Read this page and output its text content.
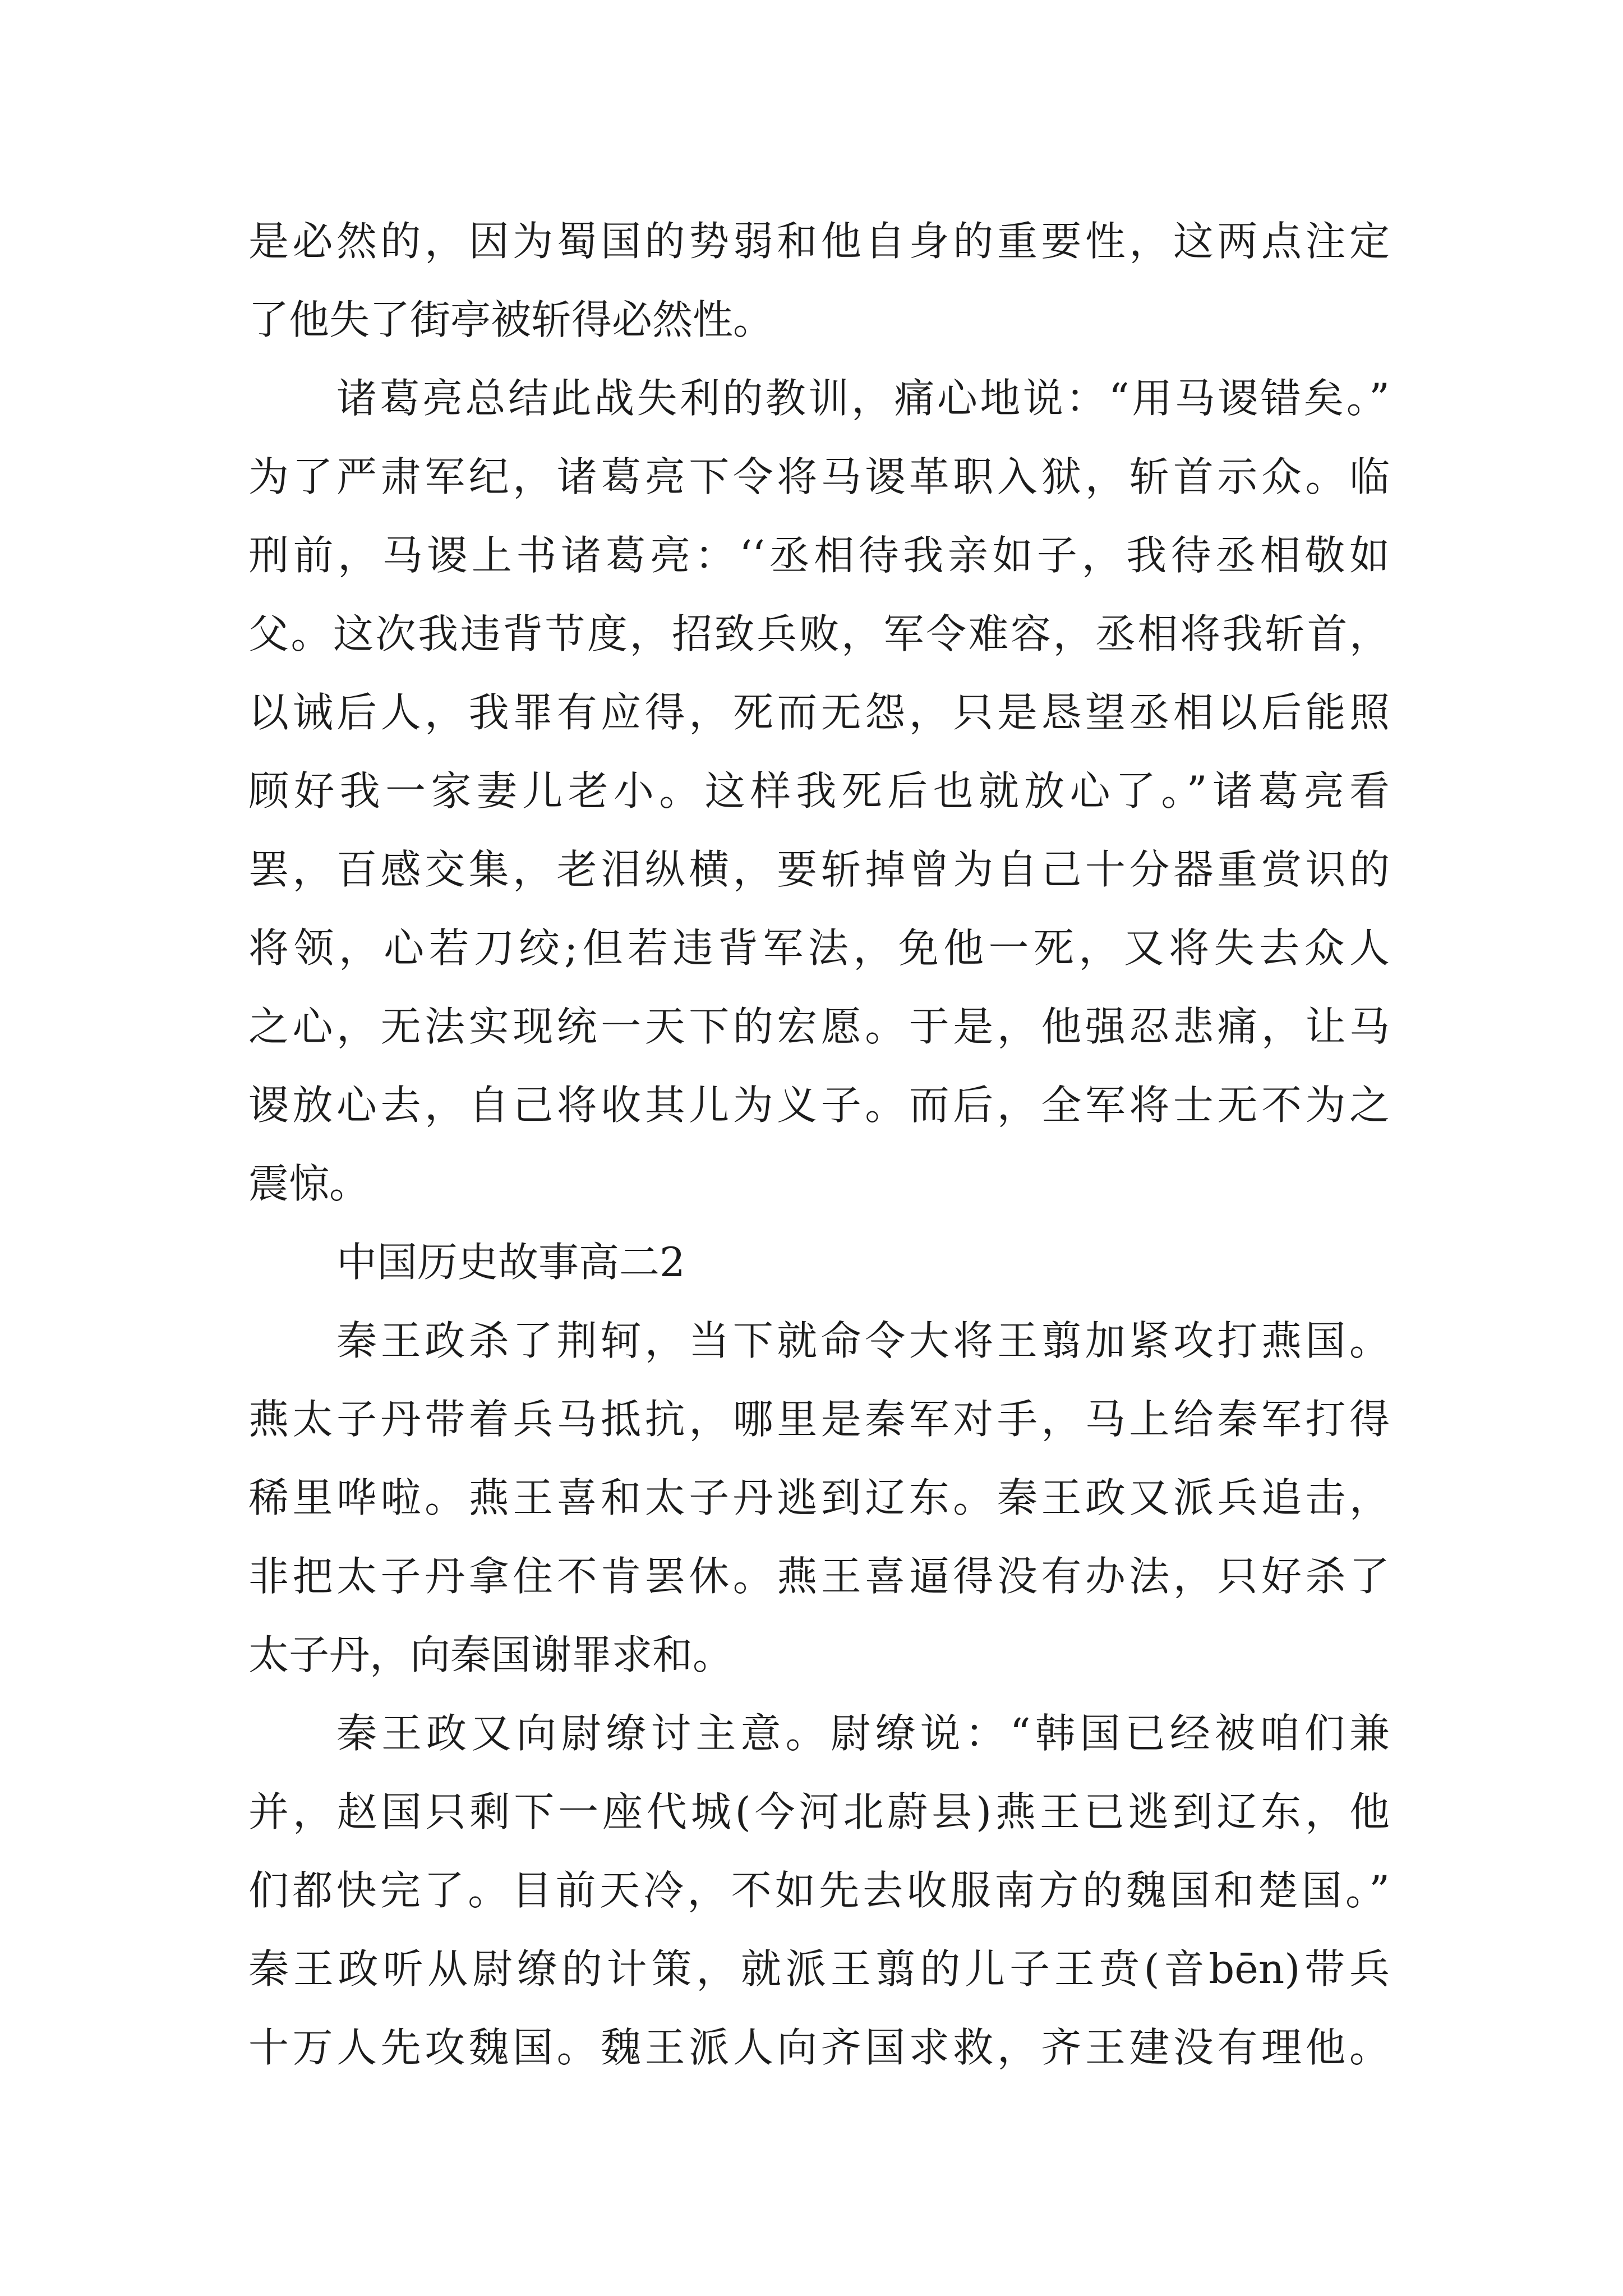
是必然的，因为蜀国的势弱和他自身的重要性，这两点注定
了他失了街亭被斩得必然性。
诸葛亮总结此战失利的教训，痛心地说：“用马谡错矣。”
为了严肃军纪，诸葛亮下令将马谡革职入狱，斩首示众。临
刑前，马谡上书诸葛亮：‘‘丞相待我亲如子，我待丞相敬如
父。这次我违背节度，招致兵败，军令难容，丞相将我斩首，
以诫后人，我罪有应得，死而无怨，只是恳望丞相以后能照
顾好我一家妻儿老小。这样我死后也就放心了。”诸葛亮看
罢，百感交集，老泪纵横，要斩掉曾为自己十分器重赏识的
将领，心若刀绞;但若违背军法，免他一死，又将失去众人
之心，无法实现统一天下的宏愿。于是，他强忍悲痛，让马
谡放心去，自己将收其儿为义子。而后，全军将士无不为之
震惊。
中国历史故事高二2
秦王政杀了荆轲，当下就命令大将王翦加紧攻打燕国。
燕太子丹带着兵马抵抗，哪里是秦军对手，马上给秦军打得
稀里哗啦。燕王喜和太子丹逃到辽东。秦王政又派兵追击，
非把太子丹拿住不肯罢休。燕王喜逼得没有办法，只好杀了
太子丹，向秦国谢罪求和。
秦王政又向尉缭讨主意。尉缭说：“韩国已经被咱们兼
并，赵国只剩下一座代城(今河北蔚县)燕王已逃到辽东，他
们都快完了。目前天冷，不如先去收服南方的魏国和楚国。”
秦王政听从尉缭的计策，就派王翦的儿子王贲(音bēn)带兵
十万人先攻魏国。魏王派人向齐国求救，齐王建没有理他。
